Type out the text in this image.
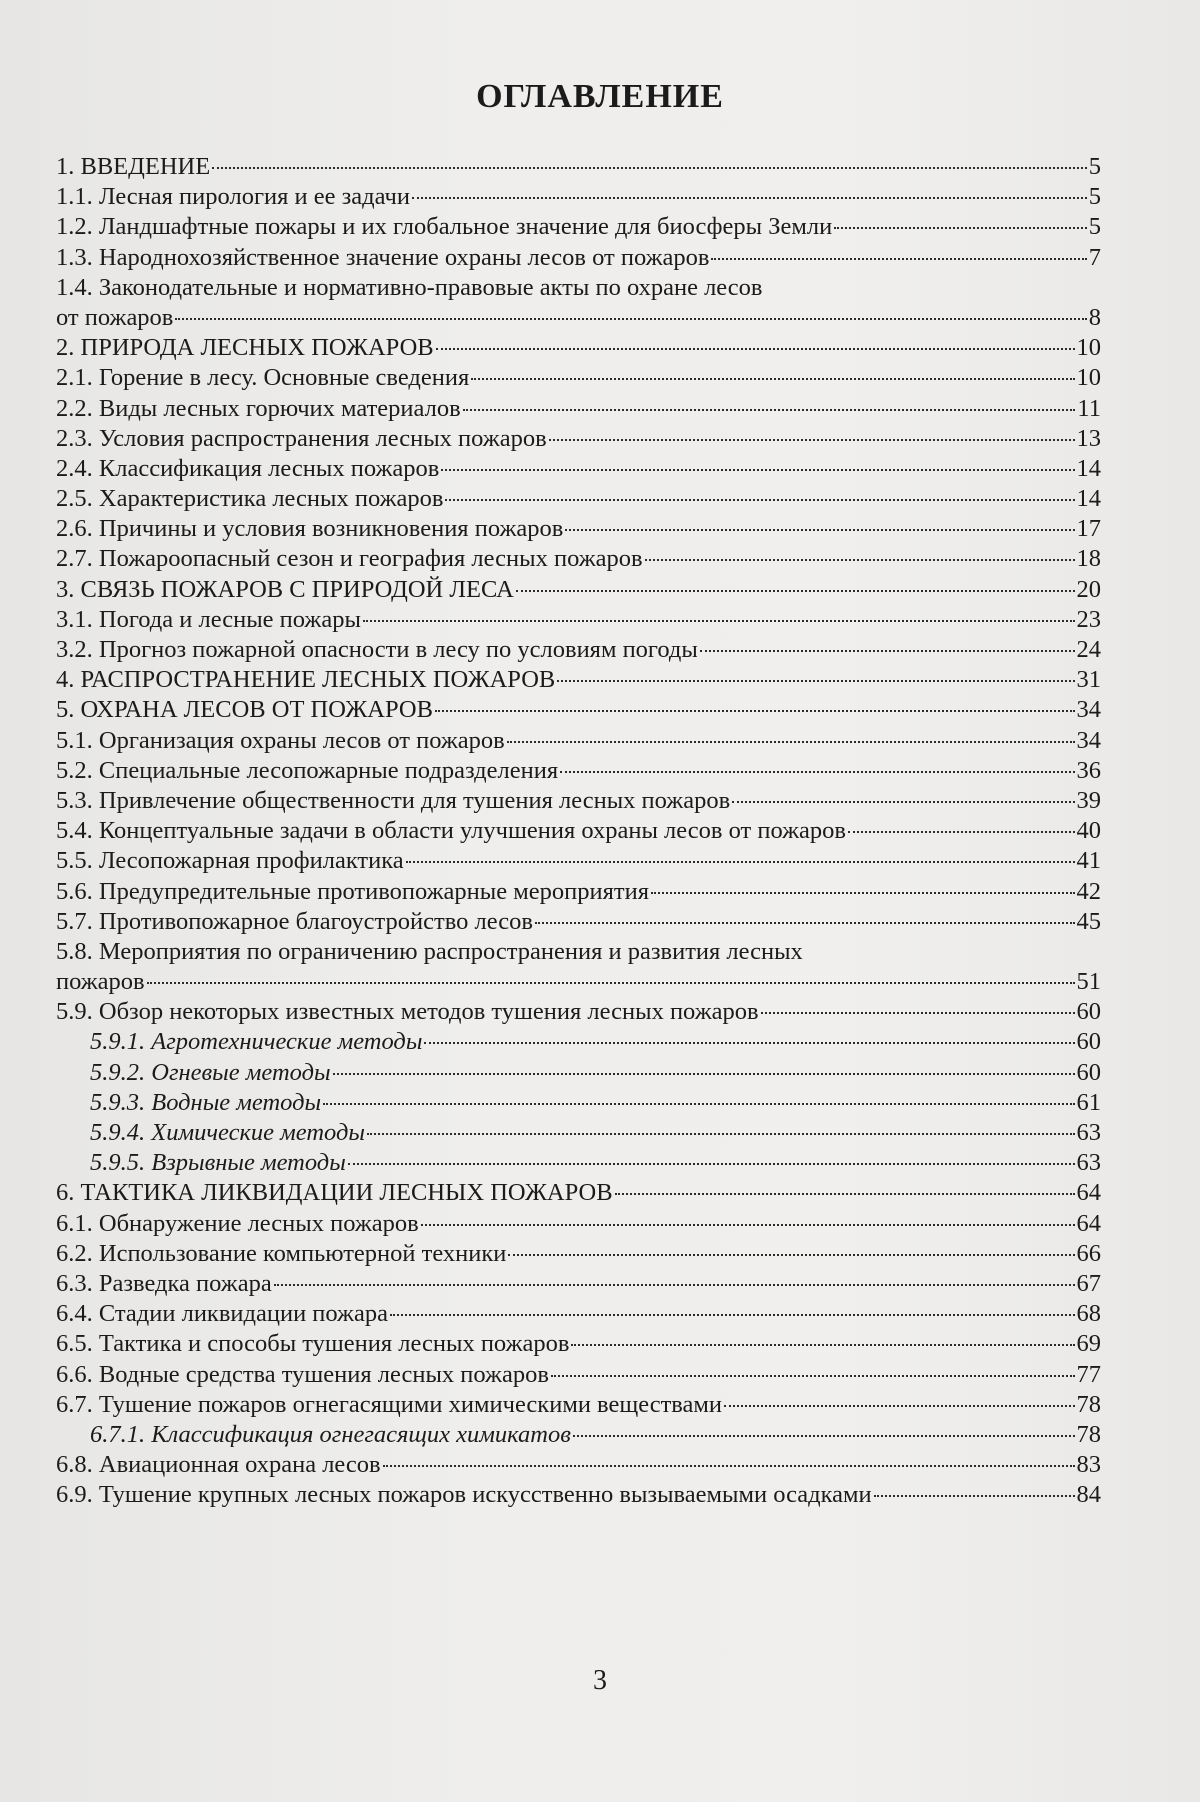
ОГЛАВЛЕНИЕ
1. ВВЕДЕНИЕ	5
1.1. Лесная пирология и ее задачи	5
1.2. Ландшафтные пожары и их глобальное значение для биосферы Земли	5
1.3. Народнохозяйственное значение охраны лесов от пожаров	7
1.4. Законодательные и нормативно-правовые акты по охране лесов
от пожаров	8
2. ПРИРОДА ЛЕСНЫХ ПОЖАРОВ	10
2.1. Горение в лесу. Основные сведения	10
2.2. Виды лесных горючих материалов	11
2.3. Условия распространения лесных пожаров	13
2.4. Классификация лесных пожаров	14
2.5. Характеристика лесных пожаров	14
2.6. Причины и условия возникновения пожаров	17
2.7. Пожароопасный сезон и география лесных пожаров	18
3. СВЯЗЬ ПОЖАРОВ С ПРИРОДОЙ ЛЕСА	20
3.1. Погода и лесные пожары	23
3.2. Прогноз пожарной опасности в лесу по условиям погоды	24
4. РАСПРОСТРАНЕНИЕ ЛЕСНЫХ ПОЖАРОВ	31
5. ОХРАНА ЛЕСОВ ОТ ПОЖАРОВ	34
5.1. Организация охраны лесов от пожаров	34
5.2. Специальные лесопожарные подразделения	36
5.3. Привлечение общественности для тушения лесных пожаров	39
5.4. Концептуальные задачи в области улучшения охраны лесов от пожаров	40
5.5. Лесопожарная профилактика	41
5.6. Предупредительные противопожарные мероприятия	42
5.7. Противопожарное благоустройство лесов	45
5.8. Мероприятия по ограничению распространения и развития лесных
пожаров	51
5.9. Обзор некоторых известных методов тушения лесных пожаров	60
5.9.1. Агротехнические методы	60
5.9.2. Огневые методы	60
5.9.3. Водные методы	61
5.9.4. Химические методы	63
5.9.5. Взрывные методы	63
6. ТАКТИКА ЛИКВИДАЦИИ ЛЕСНЫХ ПОЖАРОВ	64
6.1. Обнаружение лесных пожаров	64
6.2. Использование компьютерной техники	66
6.3. Разведка пожара	67
6.4. Стадии ликвидации пожара	68
6.5. Тактика и способы тушения лесных пожаров	69
6.6. Водные средства тушения лесных пожаров	77
6.7. Тушение пожаров огнегасящими химическими веществами	78
6.7.1. Классификация огнегасящих химикатов	78
6.8. Авиационная охрана лесов	83
6.9. Тушение крупных лесных пожаров искусственно вызываемыми осадками	84
3
